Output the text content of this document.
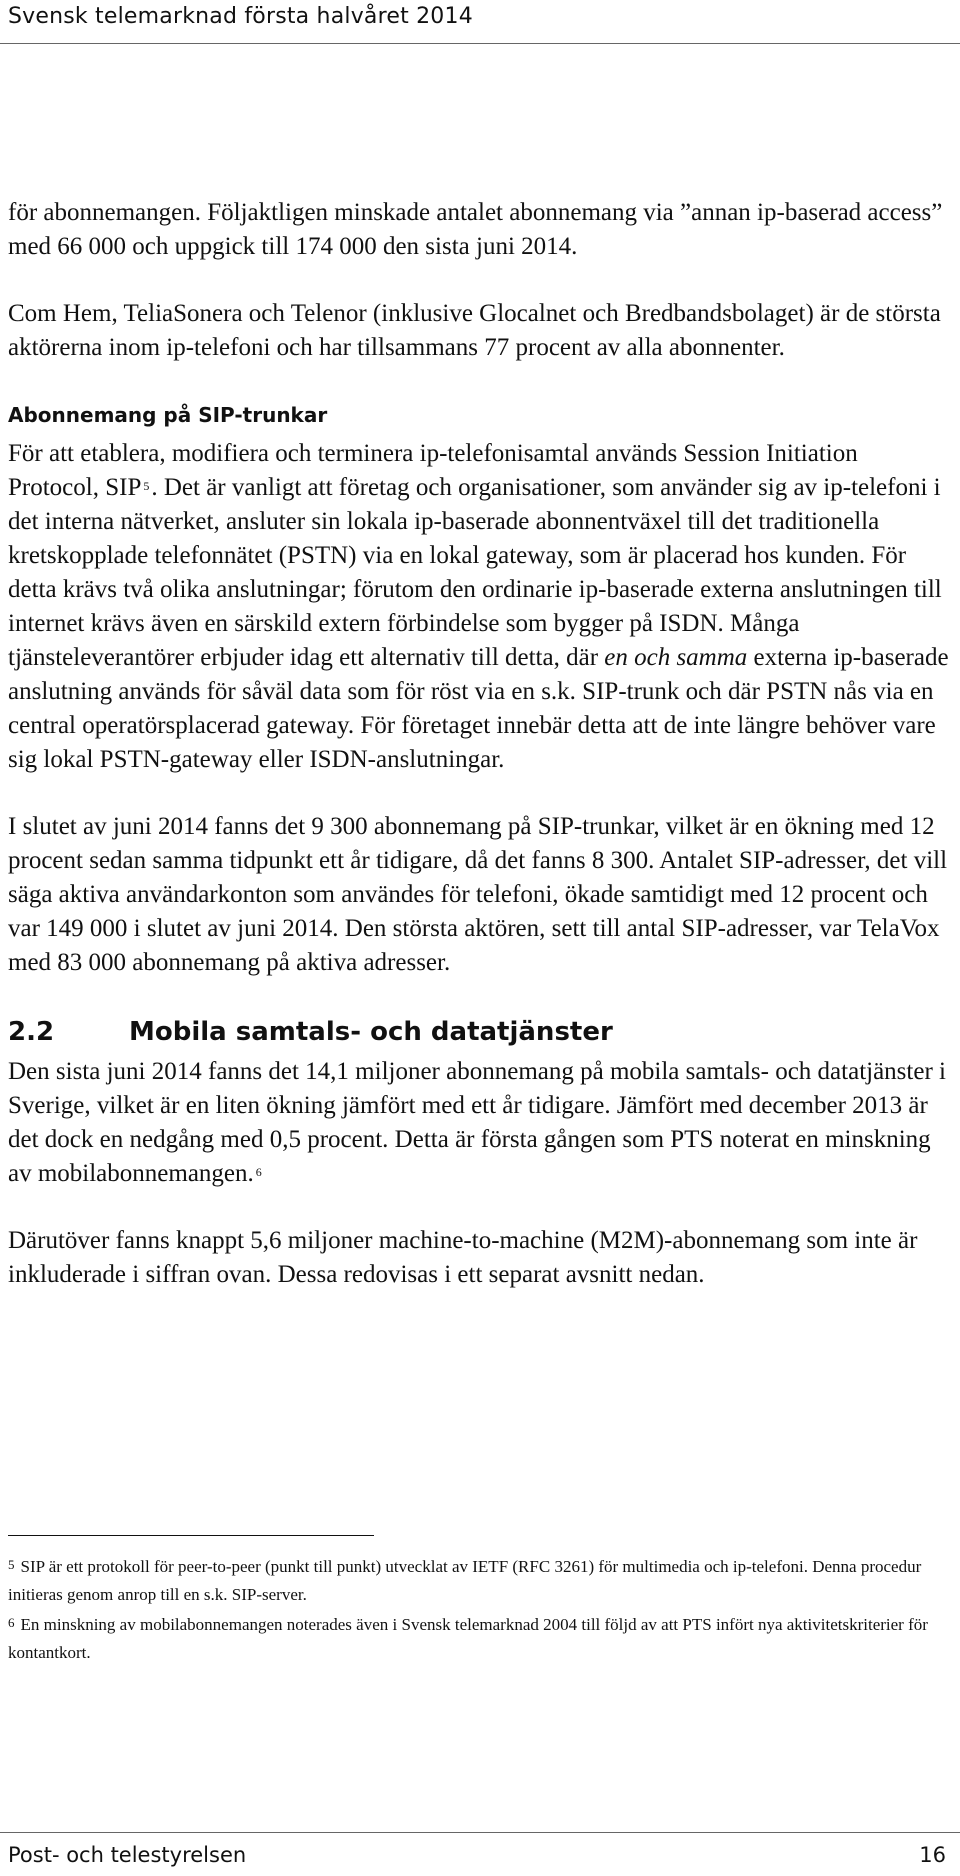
Svensk telemarknad första halvåret 2014

för abonnemangen. Följaktligen minskade antalet abonnemang via ”annan ip-baserad access” med 66 000 och uppgick till 174 000 den sista juni 2014.

Com Hem, TeliaSonera och Telenor (inklusive Glocalnet och Bredbandsbolaget) är de största aktörerna inom ip-telefoni och har tillsammans 77 procent av alla abonnenter.

Abonnemang på SIP-trunkar

För att etablera, modifiera och terminera ip-telefonisamtal används Session Initiation Protocol, SIP $^5$. Det är vanligt att företag och organisationer, som använder sig av ip-telefoni i det interna nätverket, ansluter sin lokala ip-baserade abonnentväxel till det traditionella kretskopplade telefonnätet (PSTN) via en lokal gateway, som är placerad hos kunden. För detta krävs två olika anslutningar; förutom den ordinarie ip-baserade externa anslutningen till internet krävs även en särskild extern förbindelse som bygger på ISDN. Många tjänsteleverantörer erbjuder idag ett alternativ till detta, där en och samma externa ip-baserade anslutning används för såväl data som för röst via en s.k. SIP-trunk och där PSTN nås via en central operatörsplacerad gateway. För företaget innebär detta att de inte längre behöver vare sig lokal PSTN-gateway eller ISDN-anslutningar.

I slutet av juni 2014 fanns det 9 300 abonnemang på SIP-trunkar, vilket är en ökning med 12 procent sedan samma tidpunkt ett år tidigare, då det fanns 8 300. Antalet SIP-adresser, det vill säga aktiva användarkonton som användes för telefoni, ökade samtidigt med 12 procent och var 149 000 i slutet av juni 2014. Den största aktören, sett till antal SIP-adresser, var TelaVox med 83 000 abonnemang på aktiva adresser.

2.2	Mobila samtals- och datatjänster

Den sista juni 2014 fanns det 14,1 miljoner abonnemang på mobila samtals- och datatjänster i Sverige, vilket är en liten ökning jämfört med ett år tidigare. Jämfört med december 2013 är det dock en nedgång med 0,5 procent. Detta är första gången som PTS noterat en minskning av mobilabonnemangen. $^6$

Därutöver fanns knappt 5,6 miljoner machine-to-machine (M2M)-abonnemang som inte är inkluderade i siffran ovan. Dessa redovisas i ett separat avsnitt nedan.

5 SIP är ett protokoll för peer-to-peer (punkt till punkt) utvecklat av IETF (RFC 3261) för multimedia och ip-telefoni. Denna procedur initieras genom anrop till en s.k. SIP-server.

6 En minskning av mobilabonnemangen noterades även i Svensk telemarknad 2004 till följd av att PTS infört nya aktivitetskriterier för kontantkort.

Post- och telestyrelsen	16
